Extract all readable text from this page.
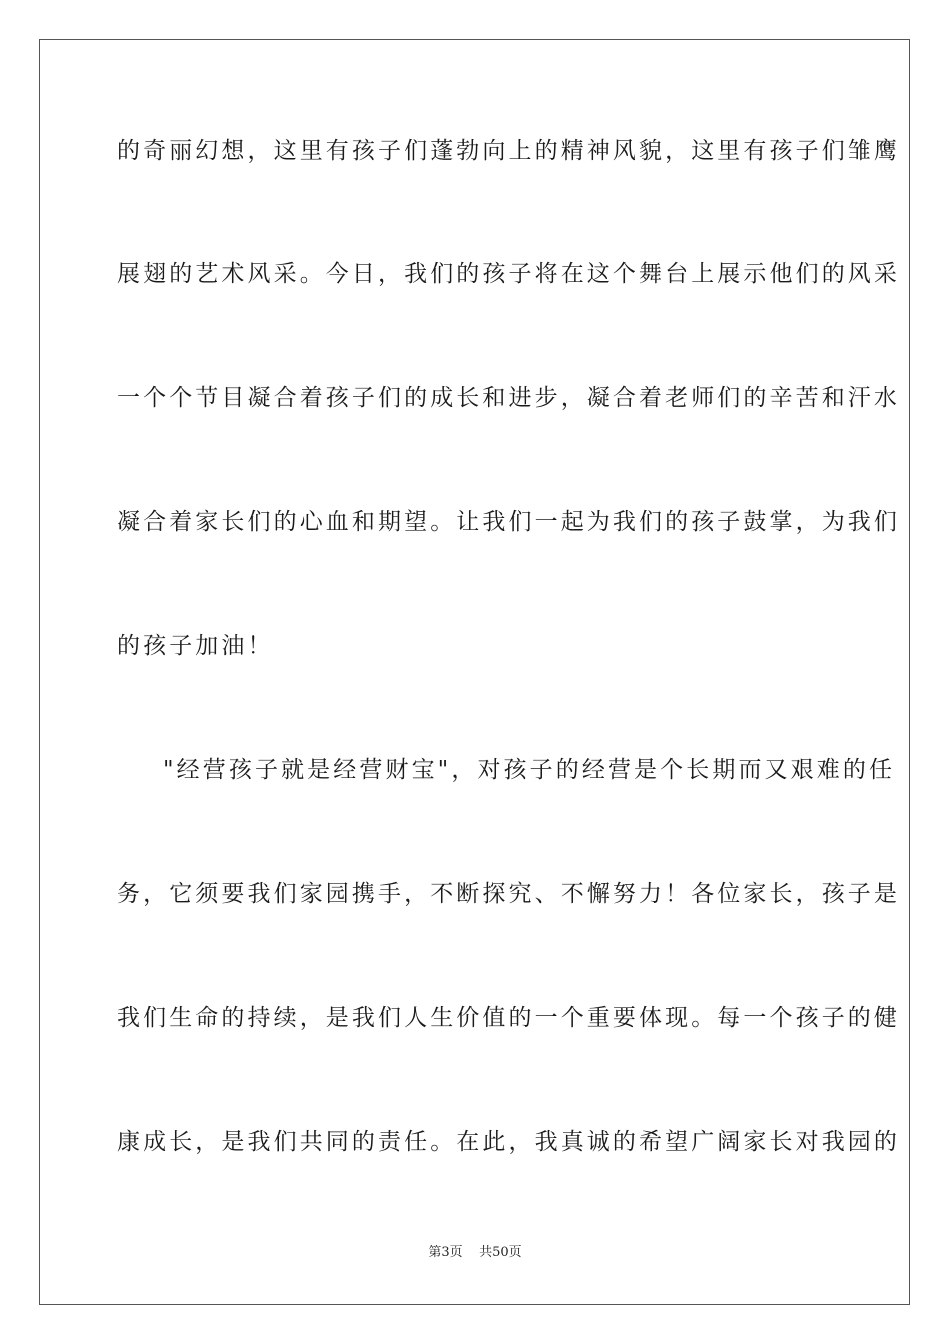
的奇丽幻想，这里有孩子们蓬勃向上的精神风貌，这里有孩子们雏鹰
展翅的艺术风采。今日，我们的孩子将在这个舞台上展示他们的风采
一个个节目凝合着孩子们的成长和进步，凝合着老师们的辛苦和汗水
凝合着家长们的心血和期望。让我们一起为我们的孩子鼓掌，为我们
的孩子加油！
"经营孩子就是经营财宝"，对孩子的经营是个长期而又艰难的任
务，它须要我们家园携手，不断探究、不懈努力！各位家长，孩子是
我们生命的持续，是我们人生价值的一个重要体现。每一个孩子的健
康成长，是我们共同的责任。在此，我真诚的希望广阔家长对我园的
第3页 共50页
